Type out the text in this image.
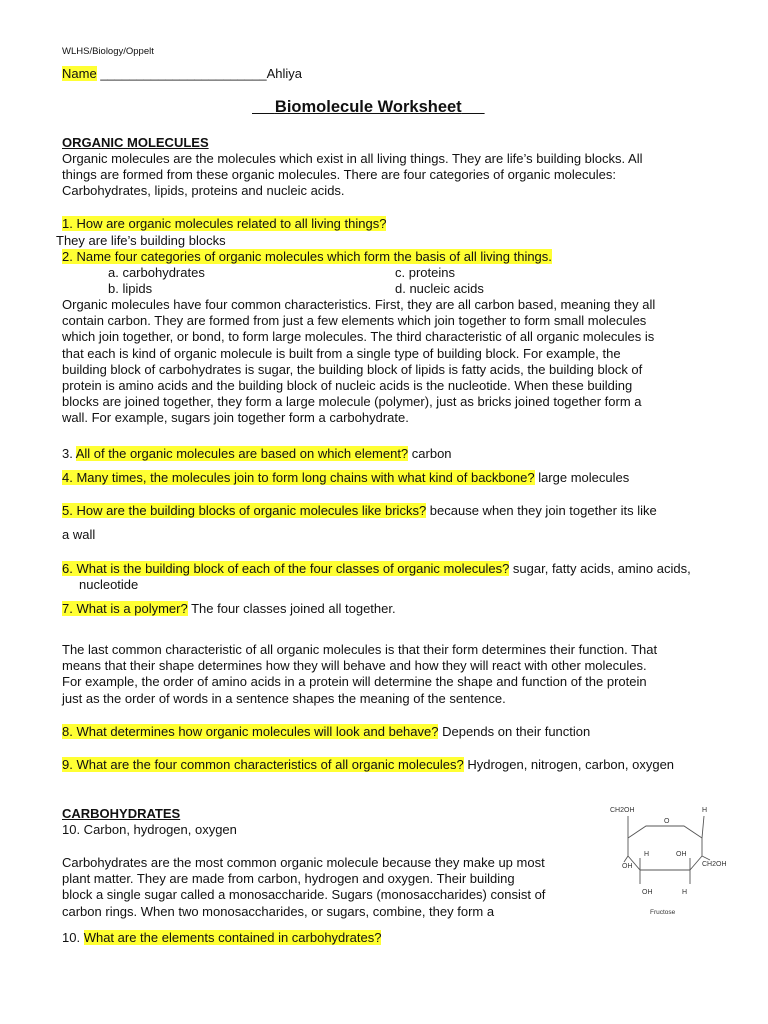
WLHS/Biology/Oppelt
Name _______________________Ahliya
Biomolecule Worksheet
ORGANIC MOLECULES
Organic molecules are the molecules which exist in all living things. They are life’s building blocks. All
things are formed from these organic molecules. There are four categories of organic molecules:
Carbohydrates, lipids, proteins and nucleic acids.
1. How are organic molecules related to all living things?
They are life’s building blocks
2. Name four categories of organic molecules which form the basis of all living things.
a. carbohydrates
b. lipids
c. proteins
d. nucleic acids
Organic molecules have four common characteristics. First, they are all carbon based, meaning they all
contain carbon. They are formed from just a few elements which join together to form small molecules
which join together, or bond, to form large molecules. The third characteristic of all organic molecules is
that each is kind of organic molecule is built from a single type of building block. For example, the
building block of carbohydrates is sugar, the building block of lipids is fatty acids, the building block of
protein is amino acids and the building block of nucleic acids is the nucleotide. When these building
blocks are joined together, they form a large molecule (polymer), just as bricks joined together form a
wall. For example, sugars join together form a carbohydrate.
3. All of the organic molecules are based on which element? carbon
4. Many times, the molecules join to form long chains with what kind of backbone? large molecules
5. How are the building blocks of organic molecules like bricks? because when they join together its like
a wall
6. What is the building block of each of the four classes of organic molecules? sugar, fatty acids, amino acids,
nucleotide
7. What is a polymer? The four classes joined all together.
The last common characteristic of all organic molecules is that their form determines their function. That
means that their shape determines how they will behave and how they will react with other molecules.
For example, the order of amino acids in a protein will determine the shape and function of the protein
just as the order of words in a sentence shapes the meaning of the sentence.
8. What determines how organic molecules will look and behave? Depends on their function
9. What are the four common characteristics of all organic molecules? Hydrogen, nitrogen, carbon, oxygen
CARBOHYDRATES
10. Carbon, hydrogen, oxygen
Carbohydrates are the most common organic molecule because they make up most
plant matter. They are made from carbon, hydrogen and oxygen. Their building
block a single sugar called a monosaccharide. Sugars (monosaccharides) consist of
carbon rings. When two monosaccharides, or sugars, combine, they form a
10. What are the elements contained in carbohydrates?
CH2OH	H
O
H	OH
OH	CH2OH
OH	H
Fructose
